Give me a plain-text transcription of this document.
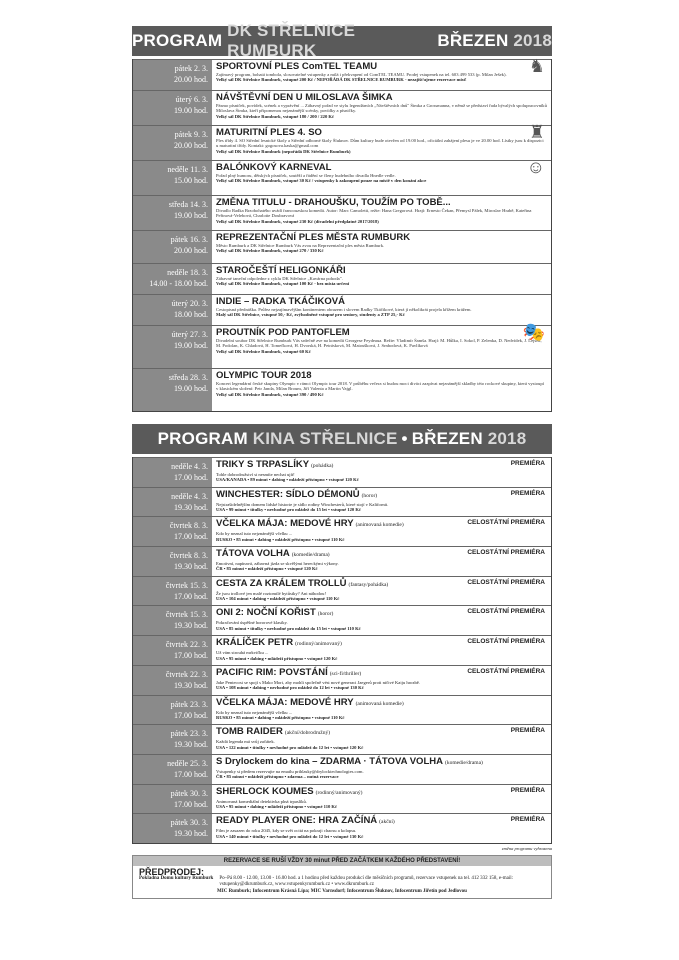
PROGRAM

DK STŘELNICE RUMBURK

BŘEZEN
2018
pátek 2. 3.
20.00 hod.
SPORTOVNÍ PLES ComTEL TEAMU
Zajímavý program, bohatá tombola, slosovatelné vstupenky a milá i překvapení od ComTEL TEAMU. Prodej vstupenek na tel. 603 499 533 (p. Milan Ješek).
Velký sál DK Střelnice Rumburk, vstupné 200 Kč / NEPOŘÁDÁ DK STŘELNICE RUMBURK - nezajišťujeme rezervace míst!
♞
úterý 6. 3.
19.00 hod.
NÁVŠTĚVNÍ DEN U MILOSLAVA ŠIMKA
Pásmo písniček, povídek, scének a vyprávění ... Zábavný pořad ve stylu legendárních „Návštěvních dnů" Šimka a Grossmanna, v němž se představí řada bývalých spolupracovníků Miloslava Šimka, kteří připomenou nejznámější scénky, povídky a písničky.
Velký sál DK Střelnice Rumburk, vstupné 180 / 200 / 220 Kč
pátek 9. 3.
20.00 hod.
MATURITNÍ PLES 4. SO
Ples třídy 4. SO Střední lesnické školy a Střední odborné školy Šluknov. Dům kultury bude otevřen od 19.00 hod., oficiální zahájení plesu je ve 20.00 hod. Lístky jsou k dispozici u maturitní třídy. Kontakt: gogosova.kaska@gmail.com
Velký sál DK Střelnice Rumburk (nepořádá DK Střelnice Rumburk)
♜
neděle 11. 3.
15.00 hod.
BALÓNKOVÝ KARNEVAL
Pořad plný humoru, dětských písniček, soutěží a řádění se členy hudebního divadla Hnedle vedle.
Velký sál DK Střelnice Rumburk, vstupné 30 Kč / vstupenky k zakoupení pouze na místě v den konání akce
☺
středa 14. 3.
19.00 hod.
ZMĚNA TITULU - DRAHOUŠKU, TOUŽÍM PO TOBĚ...
Divadlo Radka Brzobohatého uvádí francouzskou komedii. Autor: Marc Camoletti, režie: Hana Gregorová. Hrají: Ernesto Čekan, Přemysl Pálek, Miroslav Hrabě, Kateřina Peřinová-Velebová, Charlotte Doubravová
Velký sál DK Střelnice Rumburk, vstupné 230 Kč (divadelní předplatné 2017/2018)
pátek 16. 3.
20.00 hod.
REPREZENTAČNÍ PLES MĚSTA RUMBURK
Město Rumburk a DK Střelnice Rumburk Vás zvou na Reprezentační ples města Rumburk.
Velký sál DK Střelnice Rumburk, vstupné 270 / 330 Kč
neděle 18. 3.
14.00 - 18.00 hod.
STAROČEŠTÍ HELIGONKÁŘI
Zábavné taneční odpoledne z cyklu DK Střelnice „Kavárna pohoda".
Velký sál DK Střelnice Rumburk, vstupné 100 Kč - bez místa určení
úterý 20. 3.
18.00 hod.
INDIE – RADKA TKÁČIKOVÁ
Cestopisná přednáška. Průřez nejzajímavějším kontinentem obrazem i slovem Radky Tkáčikové, která jí několikrát projela křížem krážem.
Malý sál DK Střelnice, vstupné 50,- Kč, zvýhodněné vstupné pro seniory, studenty a ZTP 25,- Kč
úterý 27. 3.
19.00 hod.
PROUTNÍK POD PANTOFLEM
Divadelní soubor DK Střelnice Rumburk Vás srdečně zve na komedii Georgese Feydeaua. Režie: Vladimír Šamša. Hrají: M. Hůlka, I. Sokol, P. Zelenka, D. Nedvídek, J. Lejsek, M. Podolan, K. Chladová, H. Tomečková, H. Dvorská, H. Petrásková, M. Matoušková, J. Srnbodová, K. Pavlíková
Velký sál DK Střelnice Rumburk, vstupné 60 Kč
🎭
středa 28. 3.
19.00 hod.
OLYMPIC TOUR 2018
Koncert legendární české skupiny Olympic v rámci Olympic tour 2018. V průběhu večera si budou moci diváci zazpívat nejznámější skladby této rockové skupiny, která vystoupí v klasickém složení: Petr Janda, Milan Broum, Jiří Valenta a Martin Vajgl.
Velký sál DK Střelnice Rumburk, vstupné 390 / 490 Kč
PROGRAM
KINA STŘELNICE • BŘEZEN
2018
neděle 4. 3.
17.00 hod.
TRIKY S TRPASLÍKY (pohádka)
Tohle dobrodružství si nesmíte nechat ujít!
USA/KANADA • 89 minut • dabing • mládeží přístupno • vstupné 120 Kč
PREMIÉRA
neděle 4. 3.
19.30 hod.
WINCHESTER: SÍDLO DÉMONŮ (horor)
Nejstrašidelnějším domem lidské historie je sídlo rodiny Winchesterů, které stojí v Kalifornii.
USA • 99 minut • titulky • nevhodné pro mládež do 15 let • vstupné 120 Kč
PREMIÉRA
čtvrtek 8. 3.
17.00 hod.
VČELKA MÁJA: MEDOVÉ HRY (animovaná komedie)
Kdo by neznal tuto nejznámější včelku ...
RUSKO • 85 minut • dabing • mládeží přístupno • vstupné 110 Kč
CELOSTÁTNÍ PREMIÉRA
čtvrtek 8. 3.
19.30 hod.
TÁTOVA VOLHA (komedie/drama)
Emotivní, napínavá, zábavná jízda se skvělými hereckými výkony.
ČR • 85 minut • mládeží přístupno • vstupné 120 Kč
CELOSTÁTNÍ PREMIÉRA
čtvrtek 15. 3.
17.00 hod.
CESTA ZA KRÁLEM TROLLŮ (fantasy/pohádka)
Že jsou trollové jen malé roztomilé bytůstky? Ani náhodou!
USA • 104 minut • dabing • mládeží přístupno • vstupné 110 Kč
CELOSTÁTNÍ PREMIÉRA
čtvrtek 15. 3.
19.30 hod.
ONI 2: NOČNÍ KOŘIST (horor)
Pokračování úspěšné hororové klasiky.
USA • 85 minut • titulky • nevhodné pro mládež do 15 let • vstupné 110 Kč
CELOSTÁTNÍ PREMIÉRA
čtvrtek 22. 3.
17.00 hod.
KRÁLÍČEK PETR (rodinný/animovaný)
Už vám strouhá mrkvičku ...
USA • 95 minut • dabing • mládeží přístupno • vstupné 120 Kč
CELOSTÁTNÍ PREMIÉRA
čtvrtek 22. 3.
19.30 hod.
PACIFIC RIM: POVSTÁNÍ (sci-fi/thriller)
Jake Pentecost se spojí s Mako Mori, aby mohli společně vést nové generaci Jaegerů proti ničivé Kaiju hrozbě.
USA • 108 minut • dabing • nevhodné pro mládež do 12 let • vstupné 130 Kč
CELOSTÁTNÍ PREMIÉRA
pátek 23. 3.
17.00 hod.
VČELKA MÁJA: MEDOVÉ HRY (animovaná komedie)
Kdo by neznal tuto nejznámější včelku ...
RUSKO • 85 minut • dabing • mládeží přístupno • vstupné 110 Kč
pátek 23. 3.
19.30 hod.
TOMB RAIDER (akční/dobrodružný)
Každá legenda má svůj začátek.
USA • 122 minut • titulky • nevhodné pro mládež do 12 let • vstupné 120 Kč
PREMIÉRA
neděle 25. 3.
17.00 hod.
S Drylockem do kina – ZDARMA · TÁTOVA VOLHA (komedie/drama)
Vstupenky si předem rezervujte na emailu prihlasky@drylocktechnologies.com.
ČR • 85 minut • mládeží přístupno • zdarma – nutná rezervace
pátek 30. 3.
17.00 hod.
SHERLOCK KOUMES (rodinný/animovaný)
Animovaná komediální detektivka plná trpaslíků.
USA • 95 minut • dabing • mládeží přístupno • vstupné 110 Kč
PREMIÉRA
pátek 30. 3.
19.30 hod.
READY PLAYER ONE: HRA ZAČÍNÁ (akční)
Film je zasazen do roku 2045, kdy se svět ocitá na pokraji chaosu a kolapsu.
USA • 140 minut • titulky • nevhodné pro mládež do 12 let • vstupné 130 Kč
PREMIÉRA
změna programu vyhrazena
REZERVACE SE RUŠÍ VŽDY 30 minut PŘED ZAČÁTKEM KAŽDÉHO PŘEDSTAVENÍ!
PŘEDPRODEJ:
Pokladna Domu kultury Rumburk Po–Pá 8.00 - 12.00, 13.00 - 16.00 hod. a 1 hodinu před každou produkcí dle měsíčních programů, rezervace vstupenek na tel. 412 332 158, e-mail: vstupenky@dkrumburk.cz, www.vstupenkyrumburk.cz • www.dkrumburk.cz
MIC Rumburk; Infocentrum Krásná Lípa; MIC Varnsdorf; Infocentrum Šluknov, Infocentrum Jiřetín pod Jedlovou
